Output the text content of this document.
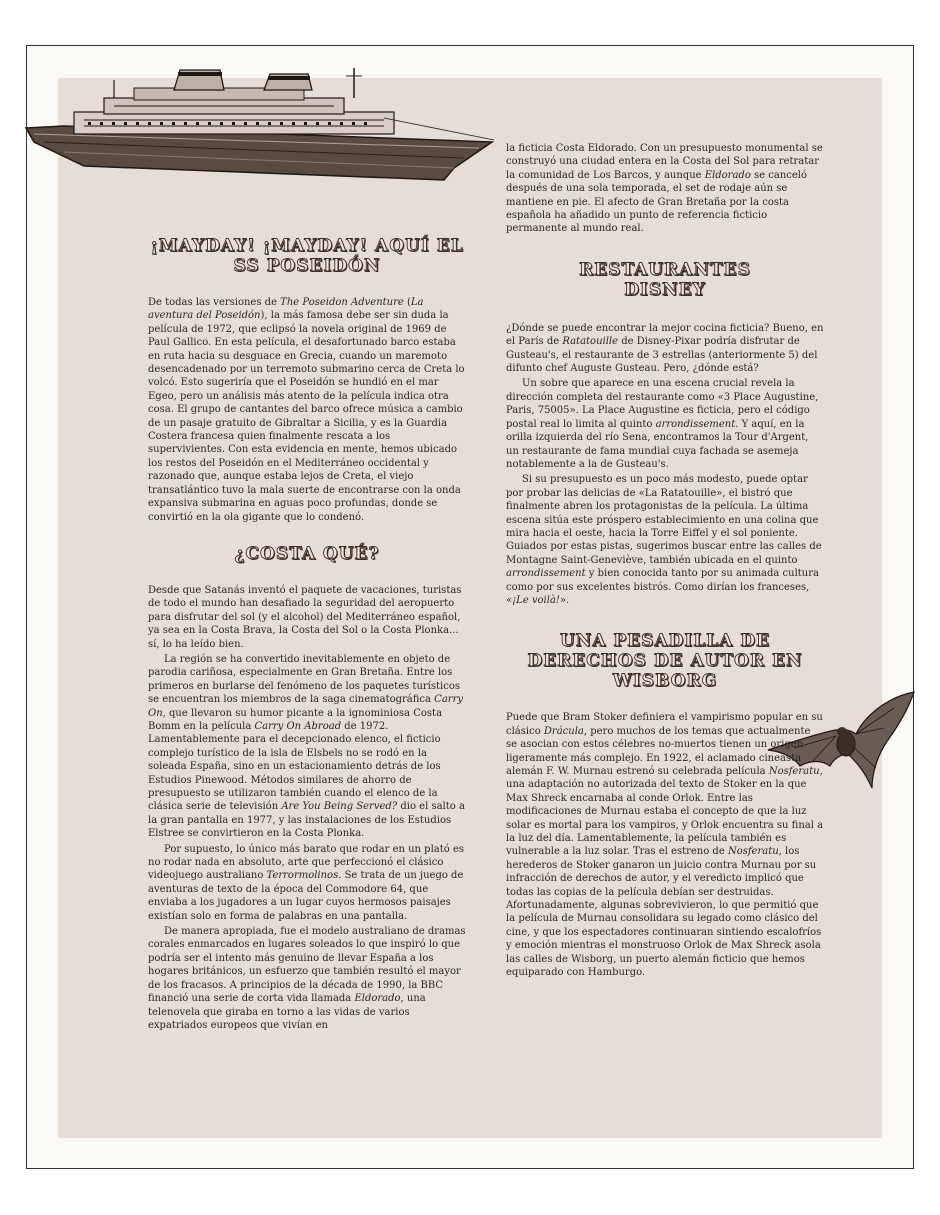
¡MAYDAY! ¡MAYDAY! AQUÍ EL SS POSEIDÓN

De todas las versiones de The Poseidon Adventure (La aventura del Poseidón), la más famosa debe ser sin duda la película de 1972, que eclipsó la novela original de 1969 de Paul Gallico. En esta película, el desafortunado barco estaba en ruta hacia su desguace en Grecia, cuando un maremoto desencadenado por un terremoto submarino cerca de Creta lo volcó. Esto sugeriría que el Poseidón se hundió en el mar Egeo, pero un análisis más atento de la película indica otra cosa. El grupo de cantantes del barco ofrece música a cambio de un pasaje gratuito de Gibraltar a Sicilia, y es la Guardia Costera francesa quien finalmente rescata a los supervivientes. Con esta evidencia en mente, hemos ubicado los restos del Poseidón en el Mediterráneo occidental y razonado que, aunque estaba lejos de Creta, el viejo transatlántico tuvo la mala suerte de encontrarse con la onda expansiva submarina en aguas poco profundas, donde se convirtió en la ola gigante que lo condenó.

¿COSTA QUÉ?

Desde que Satanás inventó el paquete de vacaciones, turistas de todo el mundo han desafiado la seguridad del aeropuerto para disfrutar del sol (y el alcohol) del Mediterráneo español, ya sea en la Costa Brava, la Costa del Sol o la Costa Plonka... sí, lo ha leído bien.

La región se ha convertido inevitablemente en objeto de parodia cariñosa, especialmente en Gran Bretaña. Entre los primeros en burlarse del fenómeno de los paquetes turísticos se encuentran los miembros de la saga cinematográfica Carry On, que llevaron su humor picante a la ignominiosa Costa Bomm en la película Carry On Abroad de 1972. Lamentablemente para el decepcionado elenco, el ficticio complejo turístico de la isla de Elsbels no se rodó en la soleada España, sino en un estacionamiento detrás de los Estudios Pinewood. Métodos similares de ahorro de presupuesto se utilizaron también cuando el elenco de la clásica serie de televisión Are You Being Served? dio el salto a la gran pantalla en 1977, y las instalaciones de los Estudios Elstree se convirtieron en la Costa Plonka.

Por supuesto, lo único más barato que rodar en un plató es no rodar nada en absoluto, arte que perfeccionó el clásico videojuego australiano Terrormolinos. Se trata de un juego de aventuras de texto de la época del Commodore 64, que enviaba a los jugadores a un lugar cuyos hermosos paisajes existían solo en forma de palabras en una pantalla.

De manera apropiada, fue el modelo australiano de dramas corales enmarcados en lugares soleados lo que inspiró lo que podría ser el intento más genuino de llevar España a los hogares británicos, un esfuerzo que también resultó el mayor de los fracasos. A principios de la década de 1990, la BBC financió una serie de corta vida llamada Eldorado, una telenovela que giraba en torno a las vidas de varios expatriados europeos que vivían en

la ficticia Costa Eldorado. Con un presupuesto monumental se construyó una ciudad entera en la Costa del Sol para retratar la comunidad de Los Barcos, y aunque Eldorado se canceló después de una sola temporada, el set de rodaje aún se mantiene en pie. El afecto de Gran Bretaña por la costa española ha añadido un punto de referencia ficticio permanente al mundo real.

RESTAURANTES DISNEY

¿Dónde se puede encontrar la mejor cocina ficticia? Bueno, en el París de Ratatouille de Disney-Pixar podría disfrutar de Gusteau's, el restaurante de 3 estrellas (anteriormente 5) del difunto chef Auguste Gusteau. Pero, ¿dónde está?

Un sobre que aparece en una escena crucial revela la dirección completa del restaurante como «3 Place Augustine, Paris, 75005». La Place Augustine es ficticia, pero el código postal real lo limita al quinto arrondissement. Y aquí, en la orilla izquierda del río Sena, encontramos la Tour d'Argent, un restaurante de fama mundial cuya fachada se asemeja notablemente a la de Gusteau's.

Si su presupuesto es un poco más modesto, puede optar por probar las delicias de «La Ratatouille», el bistró que finalmente abren los protagonistas de la película. La última escena sitúa este próspero establecimiento en una colina que mira hacia el oeste, hacia la Torre Eiffel y el sol poniente. Guiados por estas pistas, sugerimos buscar entre las calles de Montagne Saint-Geneviève, también ubicada en el quinto arrondissement y bien conocida tanto por su animada cultura como por sus excelentes bistrós. Como dirían los franceses, «¡Le voilà!».

UNA PESADILLA DE DERECHOS DE AUTOR EN WISBORG

Puede que Bram Stoker definiera el vampirismo popular en su clásico Drácula, pero muchos de los temas que actualmente se asocian con estos célebres no-muertos tienen un origen ligeramente más complejo. En 1922, el aclamado cineasta alemán F. W. Murnau estrenó su celebrada película Nosferatu, una adaptación no autorizada del texto de Stoker en la que Max Shreck encarnaba al conde Orlok. Entre las modificaciones de Murnau estaba el concepto de que la luz solar es mortal para los vampiros, y Orlok encuentra su final a la luz del día. Lamentablemente, la película también es vulnerable a la luz solar. Tras el estreno de Nosferatu, los herederos de Stoker ganaron un juicio contra Murnau por su infracción de derechos de autor, y el veredicto implicó que todas las copias de la película debían ser destruidas. Afortunadamente, algunas sobrevivieron, lo que permitió que la película de Murnau consolidara su legado como clásico del cine, y que los espectadores continuaran sintiendo escalofríos y emoción mientras el monstruoso Orlok de Max Shreck asola las calles de Wisborg, un puerto alemán ficticio que hemos equiparado con Hamburgo.
